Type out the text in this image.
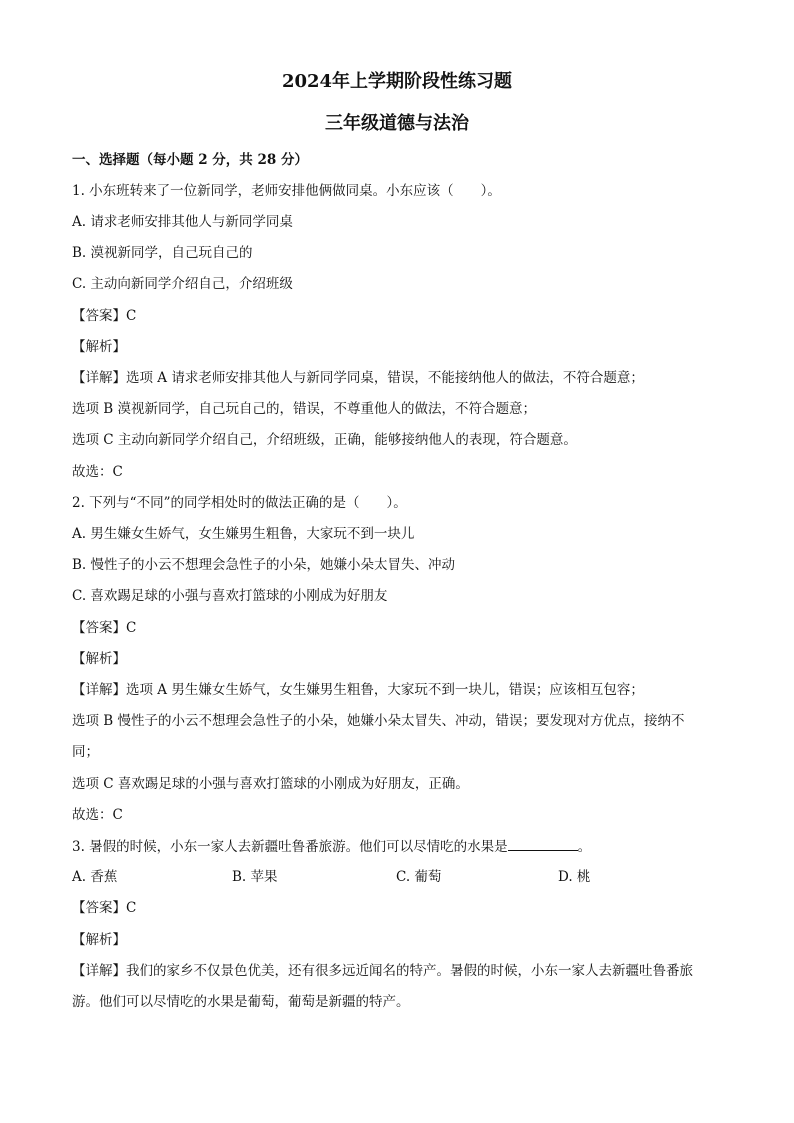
2024年上学期阶段性练习题
三年级道德与法治
一、选择题（每小题 2 分，共 28 分）
1. 小东班转来了一位新同学，老师安排他俩做同桌。小东应该（　　）。
A. 请求老师安排其他人与新同学同桌
B. 漠视新同学，自己玩自己的
C. 主动向新同学介绍自己，介绍班级
【答案】C
【解析】
【详解】选项 A 请求老师安排其他人与新同学同桌，错误，不能接纳他人的做法，不符合题意；
选项 B 漠视新同学，自己玩自己的，错误，不尊重他人的做法，不符合题意；
选项 C 主动向新同学介绍自己，介绍班级，正确，能够接纳他人的表现，符合题意。
故选：C
2. 下列与“不同”的同学相处时的做法正确的是（　　）。
A. 男生嫌女生娇气，女生嫌男生粗鲁，大家玩不到一块儿
B. 慢性子的小云不想理会急性子的小朵，她嫌小朵太冒失、冲动
C. 喜欢踢足球的小强与喜欢打篮球的小刚成为好朋友
【答案】C
【解析】
【详解】选项 A 男生嫌女生娇气，女生嫌男生粗鲁，大家玩不到一块儿，错误；应该相互包容；
选项 B 慢性子的小云不想理会急性子的小朵，她嫌小朵太冒失、冲动，错误；要发现对方优点，接纳不
同；
选项 C 喜欢踢足球的小强与喜欢打篮球的小刚成为好朋友，正确。
故选：C
3. 暑假的时候，小东一家人去新疆吐鲁番旅游。他们可以尽情吃的水果是	。
A. 香蕉	B. 苹果	C. 葡萄	D. 桃
【答案】C
【解析】
【详解】我们的家乡不仅景色优美，还有很多远近闻名的特产。暑假的时候，小东一家人去新疆吐鲁番旅
游。他们可以尽情吃的水果是葡萄，葡萄是新疆的特产。
